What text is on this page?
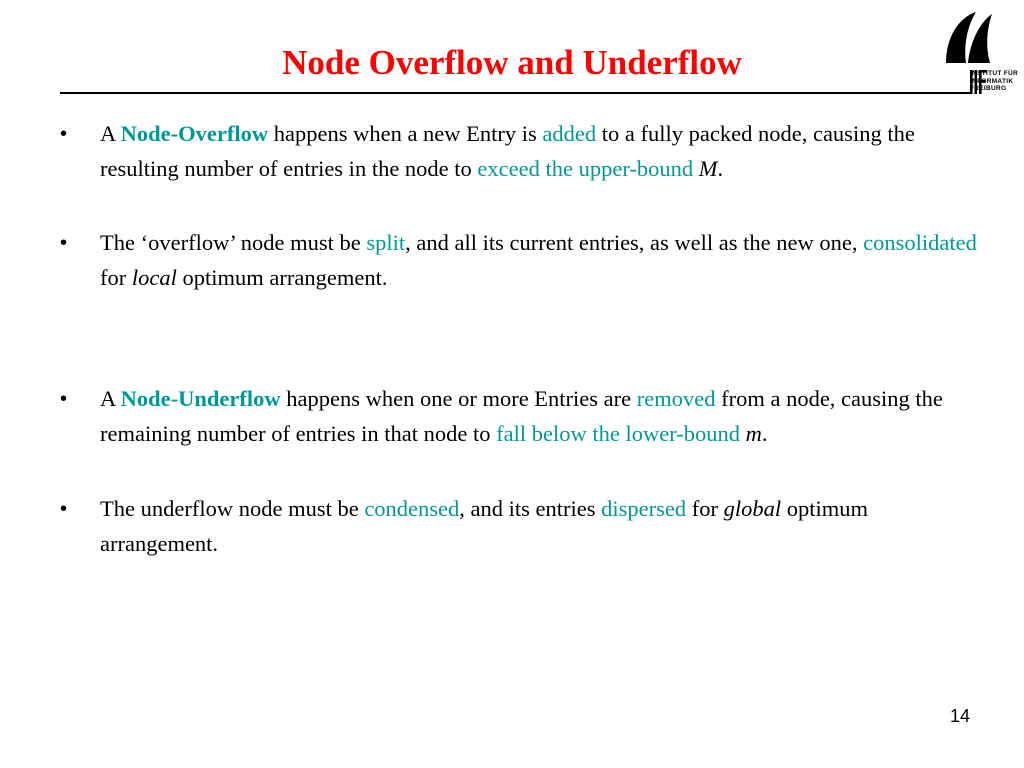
Node Overflow and Underflow	INSTITUT FÜR
INFORMATIK
FREIBURG
• A Node-Overflow happens when a new Entry is added to a fully packed node, causing the resulting number of entries in the node to exceed the upper-bound M.
• The ‘overflow’ node must be split, and all its current entries, as well as the new one, consolidated for local optimum arrangement.
• A Node-Underflow happens when one or more Entries are removed from a node, causing the remaining number of entries in that node to fall below the lower-bound m.
• The underflow node must be condensed, and its entries dispersed for global optimum arrangement.
14
